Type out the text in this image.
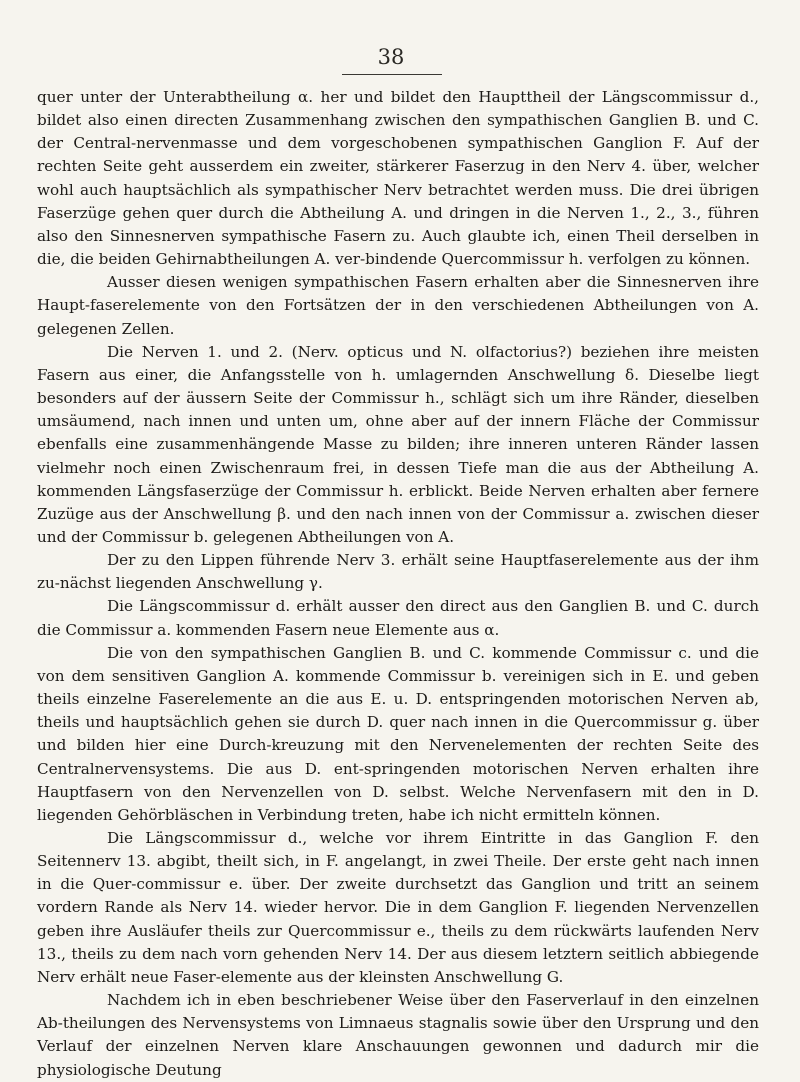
38

quer unter der Unterabtheilung α. her und bildet den Haupttheil der Längscommissur d., bildet also einen directen Zusammenhang zwischen den sympathischen Ganglien B. und C. der Central-nervenmasse und dem vorgeschobenen sympathischen Ganglion F. Auf der rechten Seite geht ausserdem ein zweiter, stärkerer Faserzug in den Nerv 4. über, welcher wohl auch hauptsächlich als sympathischer Nerv betrachtet werden muss. Die drei übrigen Faserzüge gehen quer durch die Abtheilung A. und dringen in die Nerven 1., 2., 3., führen also den Sinnesnerven sympathische Fasern zu. Auch glaubte ich, einen Theil derselben in die, die beiden Gehirnabtheilungen A. ver-bindende Quercommissur h. verfolgen zu können.

Ausser diesen wenigen sympathischen Fasern erhalten aber die Sinnesnerven ihre Haupt-faserelemente von den Fortsätzen der in den verschiedenen Abtheilungen von A. gelegenen Zellen.

Die Nerven 1. und 2. (Nerv. opticus und N. olfactorius?) beziehen ihre meisten Fasern aus einer, die Anfangsstelle von h. umlagernden Anschwellung δ. Dieselbe liegt besonders auf der äussern Seite der Commissur h., schlägt sich um ihre Ränder, dieselben umsäumend, nach innen und unten um, ohne aber auf der innern Fläche der Commissur ebenfalls eine zusammenhängende Masse zu bilden; ihre inneren unteren Ränder lassen vielmehr noch einen Zwischenraum frei, in dessen Tiefe man die aus der Abtheilung A. kommenden Längsfaserzüge der Commissur h. erblickt. Beide Nerven erhalten aber fernere Zuzüge aus der Anschwellung β. und den nach innen von der Commissur a. zwischen dieser und der Commissur b. gelegenen Abtheilungen von A.

Der zu den Lippen führende Nerv 3. erhält seine Hauptfaserelemente aus der ihm zu-nächst liegenden Anschwellung γ.

Die Längscommissur d. erhält ausser den direct aus den Ganglien B. und C. durch die Commissur a. kommenden Fasern neue Elemente aus α.

Die von den sympathischen Ganglien B. und C. kommende Commissur c. und die von dem sensitiven Ganglion A. kommende Commissur b. vereinigen sich in E. und geben theils einzelne Faserelemente an die aus E. u. D. entspringenden motorischen Nerven ab, theils und hauptsächlich gehen sie durch D. quer nach innen in die Quercommissur g. über und bilden hier eine Durch-kreuzung mit den Nervenelementen der rechten Seite des Centralnervensystems. Die aus D. ent-springenden motorischen Nerven erhalten ihre Hauptfasern von den Nervenzellen von D. selbst. Welche Nervenfasern mit den in D. liegenden Gehörbläschen in Verbindung treten, habe ich nicht ermitteln können.

Die Längscommissur d., welche vor ihrem Eintritte in das Ganglion F. den Seitennerv 13. abgibt, theilt sich, in F. angelangt, in zwei Theile. Der erste geht nach innen in die Quer-commissur e. über. Der zweite durchsetzt das Ganglion und tritt an seinem vordern Rande als Nerv 14. wieder hervor. Die in dem Ganglion F. liegenden Nervenzellen geben ihre Ausläufer theils zur Quercommissur e., theils zu dem rückwärts laufenden Nerv 13., theils zu dem nach vorn gehenden Nerv 14. Der aus diesem letztern seitlich abbiegende Nerv erhält neue Faser-elemente aus der kleinsten Anschwellung G.

Nachdem ich in eben beschriebener Weise über den Faserverlauf in den einzelnen Ab-theilungen des Nervensystems von Limnaeus stagnalis sowie über den Ursprung und den Verlauf der einzelnen Nerven klare Anschauungen gewonnen und dadurch mir die physiologische Deutung
